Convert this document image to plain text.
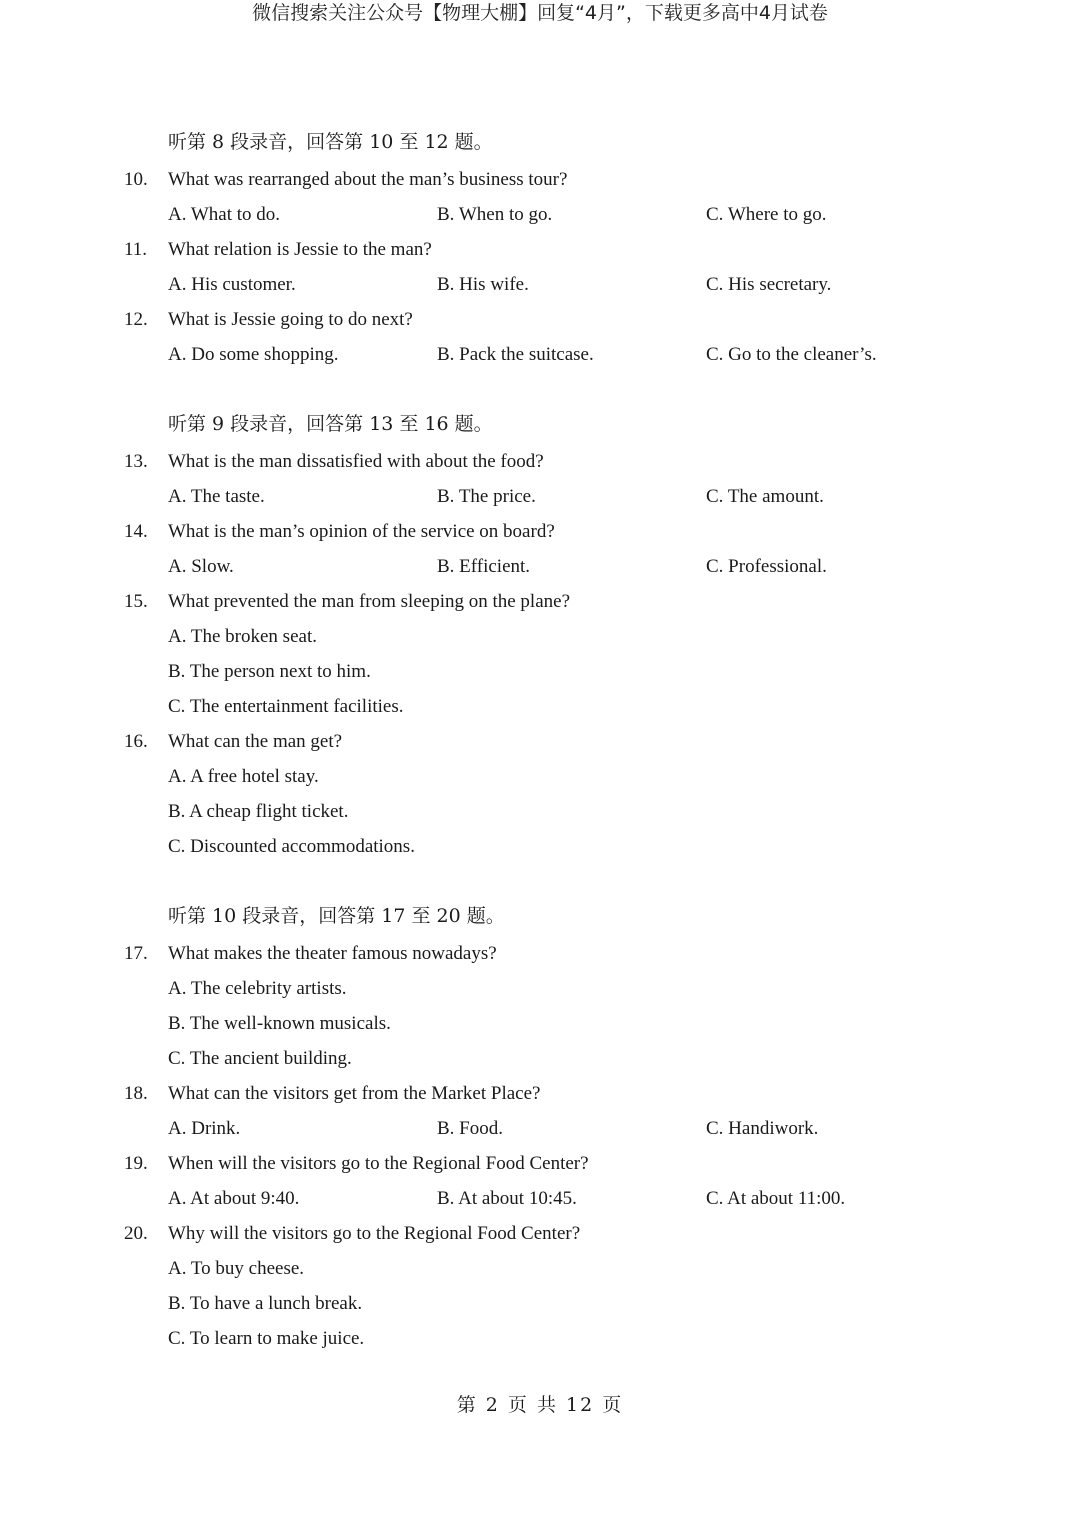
微信搜索关注公众号【物理大棚】回复“4月”，下载更多高中4月试卷
听第 8 段录音，回答第 10 至 12 题。
10.	What was rearranged about the man’s business tour?
A. What to do.	B. When to go.	C. Where to go.
11.	What relation is Jessie to the man?
A. His customer.	B. His wife.	C. His secretary.
12.	What is Jessie going to do next?
A. Do some shopping.	B. Pack the suitcase.	C. Go to the cleaner’s.
听第 9 段录音，回答第 13 至 16 题。
13.	What is the man dissatisfied with about the food?
A. The taste.	B. The price.	C. The amount.
14.	What is the man’s opinion of the service on board?
A. Slow.	B. Efficient.	C. Professional.
15.	What prevented the man from sleeping on the plane?
A. The broken seat.
B. The person next to him.
C. The entertainment facilities.
16.	What can the man get?
A. A free hotel stay.
B. A cheap flight ticket.
C. Discounted accommodations.
听第 10 段录音，回答第 17 至 20 题。
17.	What makes the theater famous nowadays?
A. The celebrity artists.
B. The well-known musicals.
C. The ancient building.
18.	What can the visitors get from the Market Place?
A. Drink.	B. Food.	C. Handiwork.
19.	When will the visitors go to the Regional Food Center?
A. At about 9:40.	B. At about 10:45.	C. At about 11:00.
20.	Why will the visitors go to the Regional Food Center?
A. To buy cheese.
B. To have a lunch break.
C. To learn to make juice.
第 2 页 共 12 页
